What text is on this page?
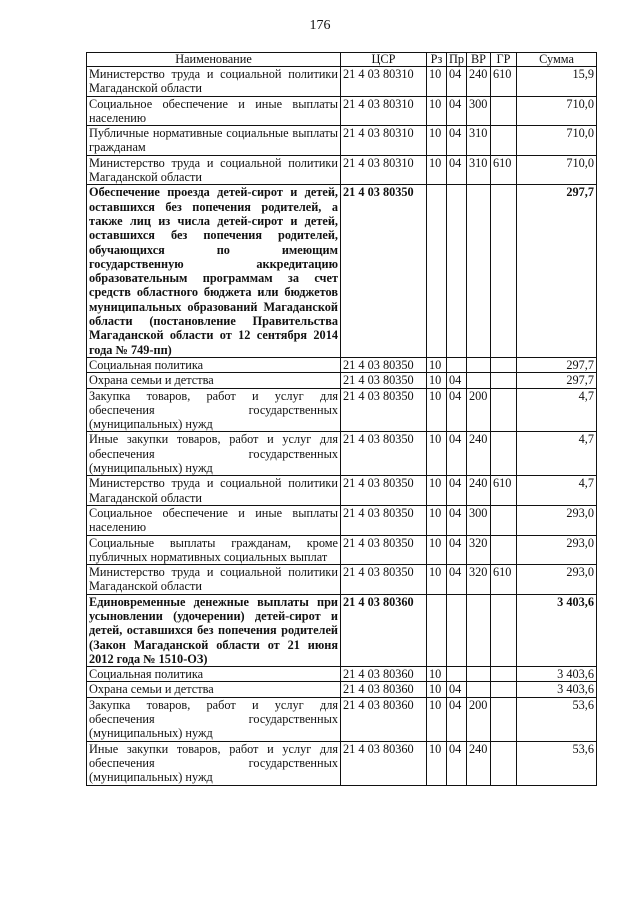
176
Наименование	ЦСР	Рз	Пр	ВР	ГР	Сумма
Министерство труда и социальной политики Магаданской области	21 4 03 80310	10	04	240	610	15,9
Социальное обеспечение и иные выплаты населению	21 4 03 80310	10	04	300		710,0
Публичные нормативные социальные выплаты гражданам	21 4 03 80310	10	04	310		710,0
Министерство труда и социальной политики Магаданской области	21 4 03 80310	10	04	310	610	710,0
Обеспечение проезда детей-сирот и детей, оставшихся без попечения родителей, а также лиц из числа детей-сирот и детей, оставшихся без попечения родителей, обучающихся по имеющим государственную аккредитацию образовательным программам за счет средств областного бюджета или бюджетов муниципальных образований Магаданской области (постановление Правительства Магаданской области от 12 сентября 2014 года № 749-пп)	21 4 03 80350					297,7
Социальная политика	21 4 03 80350	10				297,7
Охрана семьи и детства	21 4 03 80350	10	04			297,7
Закупка товаров, работ и услуг для обеспечения государственных (муниципальных) нужд	21 4 03 80350	10	04	200		4,7
Иные закупки товаров, работ и услуг для обеспечения государственных (муниципальных) нужд	21 4 03 80350	10	04	240		4,7
Министерство труда и социальной политики Магаданской области	21 4 03 80350	10	04	240	610	4,7
Социальное обеспечение и иные выплаты населению	21 4 03 80350	10	04	300		293,0
Социальные выплаты гражданам, кроме публичных нормативных социальных выплат	21 4 03 80350	10	04	320		293,0
Министерство труда и социальной политики Магаданской области	21 4 03 80350	10	04	320	610	293,0
Единовременные денежные выплаты при усыновлении (удочерении) детей-сирот и детей, оставшихся без попечения родителей (Закон Магаданской области от 21 июня 2012 года № 1510-ОЗ)	21 4 03 80360					3 403,6
Социальная политика	21 4 03 80360	10				3 403,6
Охрана семьи и детства	21 4 03 80360	10	04			3 403,6
Закупка товаров, работ и услуг для обеспечения государственных (муниципальных) нужд	21 4 03 80360	10	04	200		53,6
Иные закупки товаров, работ и услуг для обеспечения государственных (муниципальных) нужд	21 4 03 80360	10	04	240		53,6
